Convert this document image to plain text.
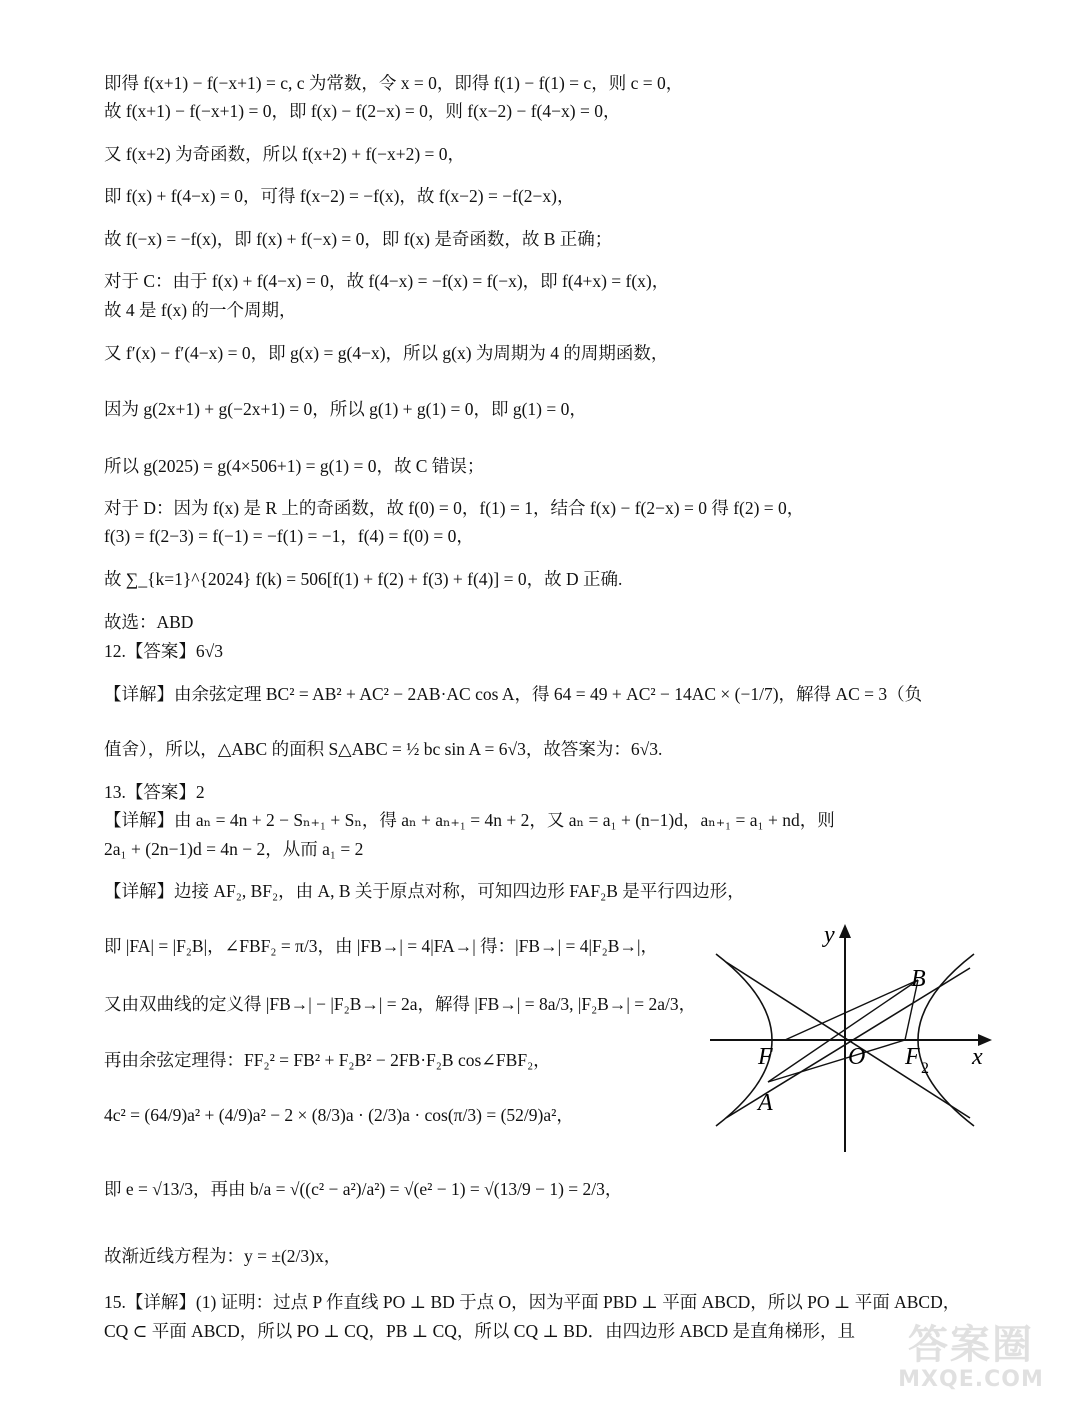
即得 f(x+1) − f(−x+1) = c, c 为常数，令 x = 0，即得 f(1) − f(1) = c，则 c = 0，
故 f(x+1) − f(−x+1) = 0，即 f(x) − f(2−x) = 0，则 f(x−2) − f(4−x) = 0，
又 f(x+2) 为奇函数，所以 f(x+2) + f(−x+2) = 0，
即 f(x) + f(4−x) = 0，可得 f(x−2) = −f(x)，故 f(x−2) = −f(2−x)，
故 f(−x) = −f(x)，即 f(x) + f(−x) = 0，即 f(x) 是奇函数，故 B 正确；
对于 C：由于 f(x) + f(4−x) = 0，故 f(4−x) = −f(x) = f(−x)，即 f(4+x) = f(x)，
故 4 是 f(x) 的一个周期，
又 f′(x) − f′(4−x) = 0，即 g(x) = g(4−x)，所以 g(x) 为周期为 4 的周期函数，
因为 g(2x+1) + g(−2x+1) = 0，所以 g(1) + g(1) = 0，即 g(1) = 0，
所以 g(2025) = g(4×506+1) = g(1) = 0，故 C 错误；
对于 D：因为 f(x) 是 R 上的奇函数，故 f(0) = 0，f(1) = 1，结合 f(x) − f(2−x) = 0 得 f(2) = 0，
f(3) = f(2−3) = f(−1) = −f(1) = −1，f(4) = f(0) = 0，
故 ∑_{k=1}^{2024} f(k) = 506[f(1) + f(2) + f(3) + f(4)] = 0，故 D 正确.
故选：ABD
12.【答案】6√3
【详解】由余弦定理 BC² = AB² + AC² − 2AB·AC cos A，得 64 = 49 + AC² − 14AC × (−1/7)，解得 AC = 3（负
值舍），所以，△ABC 的面积 S△ABC = ½ bc sin A = 6√3，故答案为：6√3.
13.【答案】2
【详解】由 aₙ = 4n + 2 − Sₙ₊₁ + Sₙ，得 aₙ + aₙ₊₁ = 4n + 2，又 aₙ = a₁ + (n−1)d，aₙ₊₁ = a₁ + nd，则
2a₁ + (2n−1)d = 4n − 2，从而 a₁ = 2
【详解】边接 AF₂, BF₂，由 A, B 关于原点对称，可知四边形 FAF₂B 是平行四边形，
即 |FA| = |F₂B|，∠FBF₂ = π/3，由 |FB→| = 4|FA→| 得：|FB→| = 4|F₂B→|，
又由双曲线的定义得 |FB→| − |F₂B→| = 2a，解得 |FB→| = 8a/3, |F₂B→| = 2a/3，
再由余弦定理得：FF₂² = FB² + F₂B² − 2FB·F₂B cos∠FBF₂，
4c² = (64/9)a² + (4/9)a² − 2 × (8/3)a · (2/3)a · cos(π/3) = (52/9)a²，
即 e = √13/3，再由 b/a = √((c² − a²)/a²) = √(e² − 1) = √(13/9 − 1) = 2/3，
故渐近线方程为：y = ±(2/3)x，
15.【详解】(1) 证明：过点 P 作直线 PO ⊥ BD 于点 O，因为平面 PBD ⊥ 平面 ABCD，所以 PO ⊥ 平面 ABCD，
CQ ⊂ 平面 ABCD，所以 PO ⊥ CQ，PB ⊥ CQ，所以 CQ ⊥ BD．由四边形 ABCD 是直角梯形，且
y
x
O
F	F 2
A
B
答案圈
MXQE.COM
